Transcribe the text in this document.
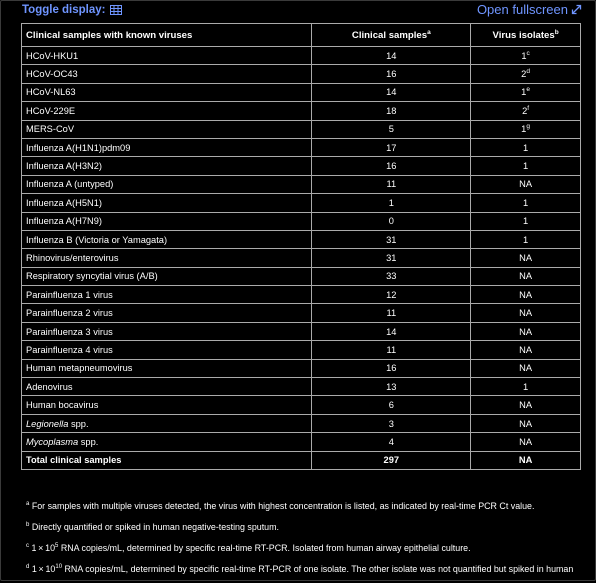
Toggle display:	Open fullscreen
Clinical samples with known viruses	Clinical samples$^a$	Virus isolates$^b$
HCoV-HKU1	14	1$^c$
HCoV-OC43	16	2$^d$
HCoV-NL63	14	1e
HCoV-229E	18	2$^f$
MERS-CoV	5	1$^g$
Influenza A(H1N1)pdm09	17	1
Influenza A(H3N2)	16	1
Influenza A (untyped)	11	NA
Influenza A(H5N1)	1	1
Influenza A(H7N9)	0	1
Influenza B (Victoria or Yamagata)	31	1
Rhinovirus/enterovirus	31	NA
Respiratory syncytial virus (A/B)	33	NA
Parainfluenza 1 virus	12	NA
Parainfluenza 2 virus	11	NA
Parainfluenza 3 virus	14	NA
Parainfluenza 4 virus	11	NA
Human metapneumovirus	16	NA
Adenovirus	13	1
Human bocavirus	6	NA
Legionella spp.	3	NA
Mycoplasma spp.	4	NA
Total clinical samples	297	NA
$^a$ For samples with multiple viruses detected, the virus with highest concentration is listed, as indicated by real-time PCR Ct value.
$^b$ Directly quantified or spiked in human negative-testing sputum.
$^c$ $1 \times 10^5$ RNA copies/mL, determined by specific real-time RT-PCR. Isolated from human airway epithelial culture.
$^d$ $1 \times 10^{10}$ RNA copies/mL, determined by specific real-time RT-PCR of one isolate. The other isolate was not quantified but spiked in human
